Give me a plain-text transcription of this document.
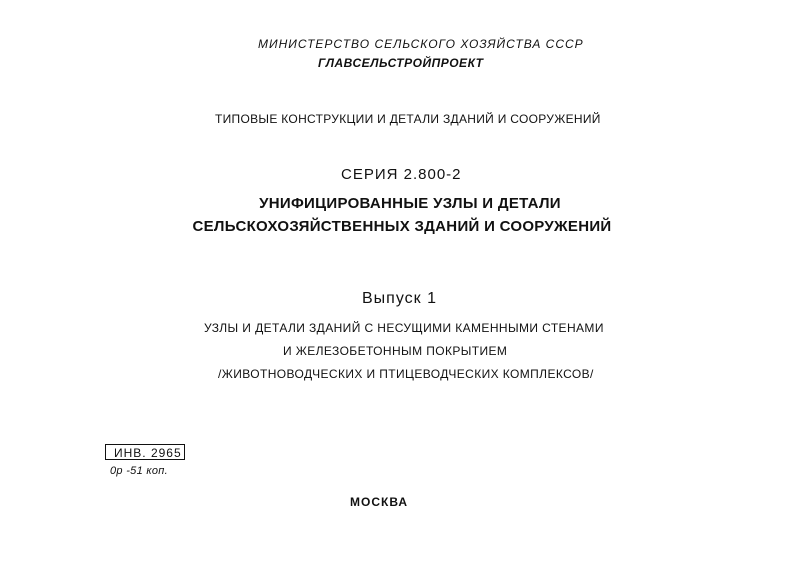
МИНИСТЕРСТВО СЕЛЬСКОГО ХОЗЯЙСТВА СССР
ГЛАВСЕЛЬСТРОЙПРОЕКТ
ТИПОВЫЕ КОНСТРУКЦИИ И ДЕТАЛИ ЗДАНИЙ И СООРУЖЕНИЙ
СЕРИЯ 2.800-2
УНИФИЦИРОВАННЫЕ УЗЛЫ И ДЕТАЛИ
СЕЛЬСКОХОЗЯЙСТВЕННЫХ ЗДАНИЙ И СООРУЖЕНИЙ
Выпуск 1
УЗЛЫ И ДЕТАЛИ ЗДАНИЙ С НЕСУЩИМИ КАМЕННЫМИ СТЕНАМИ
И ЖЕЛЕЗОБЕТОННЫМ ПОКРЫТИЕМ
/ЖИВОТНОВОДЧЕСКИХ И ПТИЦЕВОДЧЕСКИХ КОМПЛЕКСОВ/
ИНВ. 2965
0р -51 коп.
МОСКВА
